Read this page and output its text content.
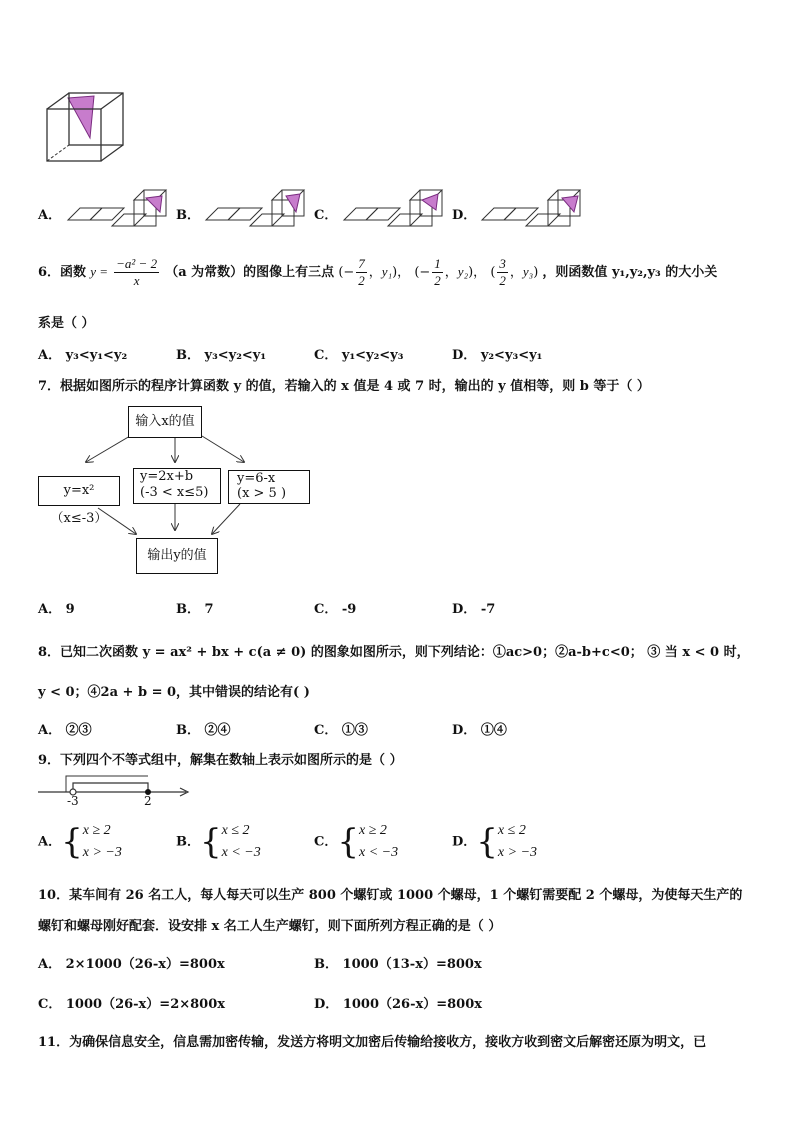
A．	B．	C．	D．
6．函数 $y = \frac{\text{−a² − 2}}{x} (a$ 为常数）的图像上有三点 (− $\frac{7}{2}$ ，y₁)， (− $\frac{1}{2}$ ，y₂)， ( $\frac{3}{2}$ ，y₃) ，则函数值 y₁,y₂,y₃ 的大小关
系是（ ）
A． y₃<y₁<y₂	B． y₃<y₂<y₁	C． y₁<y₂<y₃	D． y₂<y₃<y₁
7．根据如图所示的程序计算函数 y 的值，若输入的 x 值是 4 或 7 时，输出的 y 值相等，则 b 等于（ ）
输入x的值
y=x²（x≤-3）
y=2x+b
(-3 < x≤5)
y=6-x
(x > 5 )
输出y的值
A． 9	B． 7	C． -9	D． -7
8．已知二次函数 y = ax² + bx + c(a ≠ 0) 的图象如图所示，则下列结论：①ac>0；②a-b+c<0； ③ 当 x < 0 时，
y < 0；④2a + b = 0，其中错误的结论有( )
A． ②③	B． ②④	C． ①③	D． ①④
9．下列四个不等式组中，解集在数轴上表示如图所示的是（ ）
-3	2
A．{ x ≥ 2
x > −3
B．{ x ≤ 2
x < −3
C．{ x ≥ 2
x < −3
D．{ x ≤ 2
x > −3
10．某车间有 26 名工人，每人每天可以生产 800 个螺钉或 1000 个螺母，1 个螺钉需要配 2 个螺母，为使每天生产的
螺钉和螺母刚好配套．设安排 x 名工人生产螺钉，则下面所列方程正确的是（ ）
A． 2×1000（26-x）=800x	B． 1000（13-x）=800x
C． 1000（26-x）=2×800x	D． 1000（26-x）=800x
11．为确保信息安全，信息需加密传输，发送方将明文加密后传输给接收方，接收方收到密文后解密还原为明文，已
